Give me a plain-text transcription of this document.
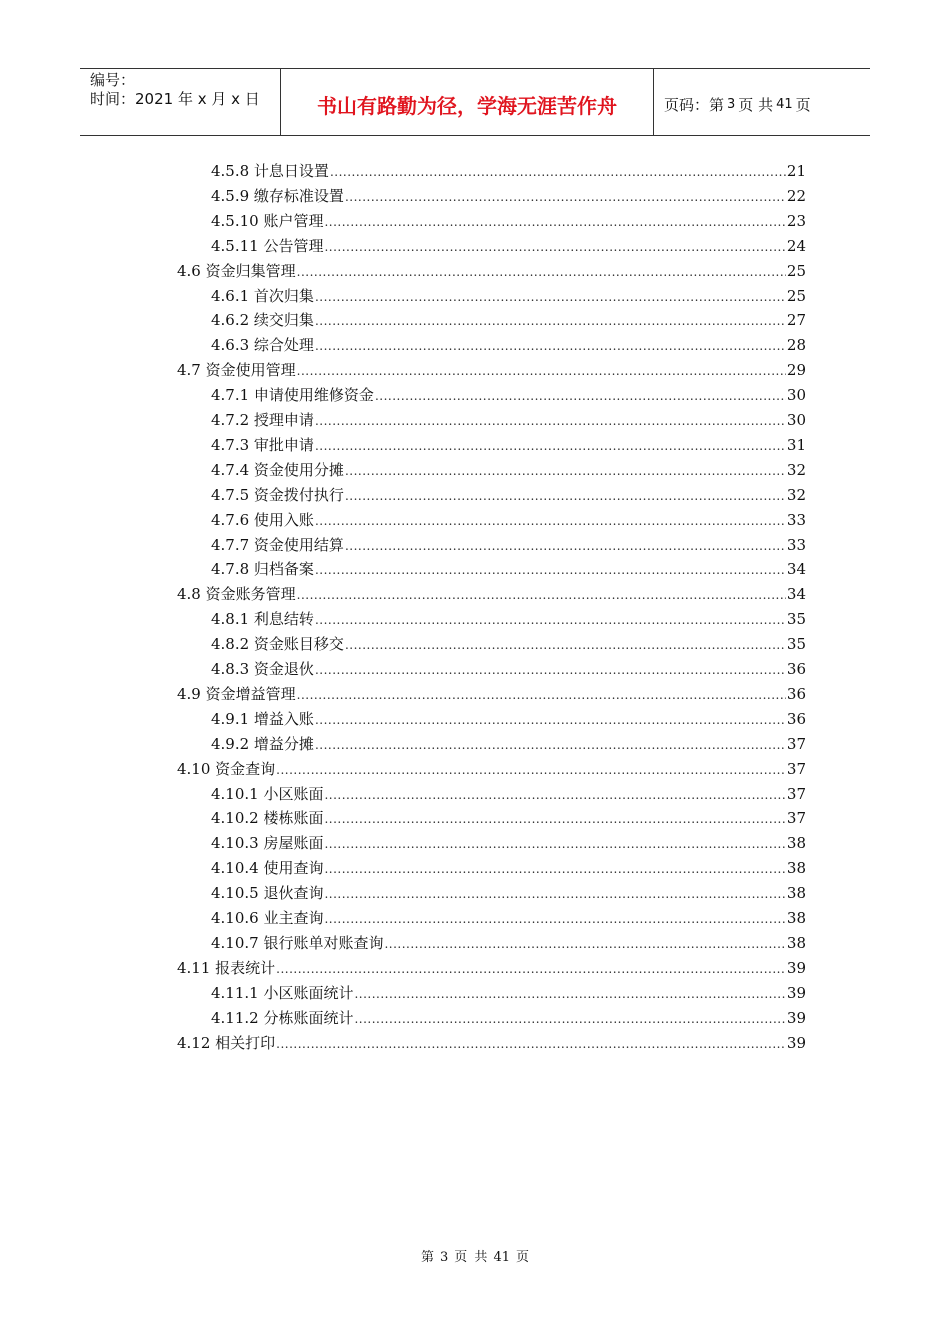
编号：
时间：2021 年 x 月 x 日	书山有路勤为径，学海无涯苦作舟	页码：第 3 页 共 41 页
4.5.8 计息日设置 .....	21
4.5.9 缴存标准设置 .....	22
4.5.10 账户管理 .....	23
4.5.11 公告管理 .....	24
4.6 资金归集管理 .....	25
4.6.1 首次归集 .....	25
4.6.2 续交归集 .....	27
4.6.3 综合处理 .....	28
4.7 资金使用管理 .....	29
4.7.1 申请使用维修资金 .....	30
4.7.2 授理申请 .....	30
4.7.3 审批申请 .....	31
4.7.4 资金使用分摊 .....	32
4.7.5 资金拨付执行 .....	32
4.7.6 使用入账 .....	33
4.7.7 资金使用结算 .....	33
4.7.8 归档备案 .....	34
4.8 资金账务管理 .....	34
4.8.1 利息结转 .....	35
4.8.2 资金账目移交 .....	35
4.8.3 资金退伙 .....	36
4.9 资金增益管理 .....	36
4.9.1 增益入账 .....	36
4.9.2 增益分摊 .....	37
4.10 资金查询 .....	37
4.10.1 小区账面 .....	37
4.10.2 楼栋账面 .....	37
4.10.3 房屋账面 .....	38
4.10.4 使用查询 .....	38
4.10.5 退伙查询 .....	38
4.10.6 业主查询 .....	38
4.10.7 银行账单对账查询 .....	38
4.11 报表统计 .....	39
4.11.1 小区账面统计 .....	39
4.11.2 分栋账面统计 .....	39
4.12 相关打印 .....	39
第 3 页 共 41 页
